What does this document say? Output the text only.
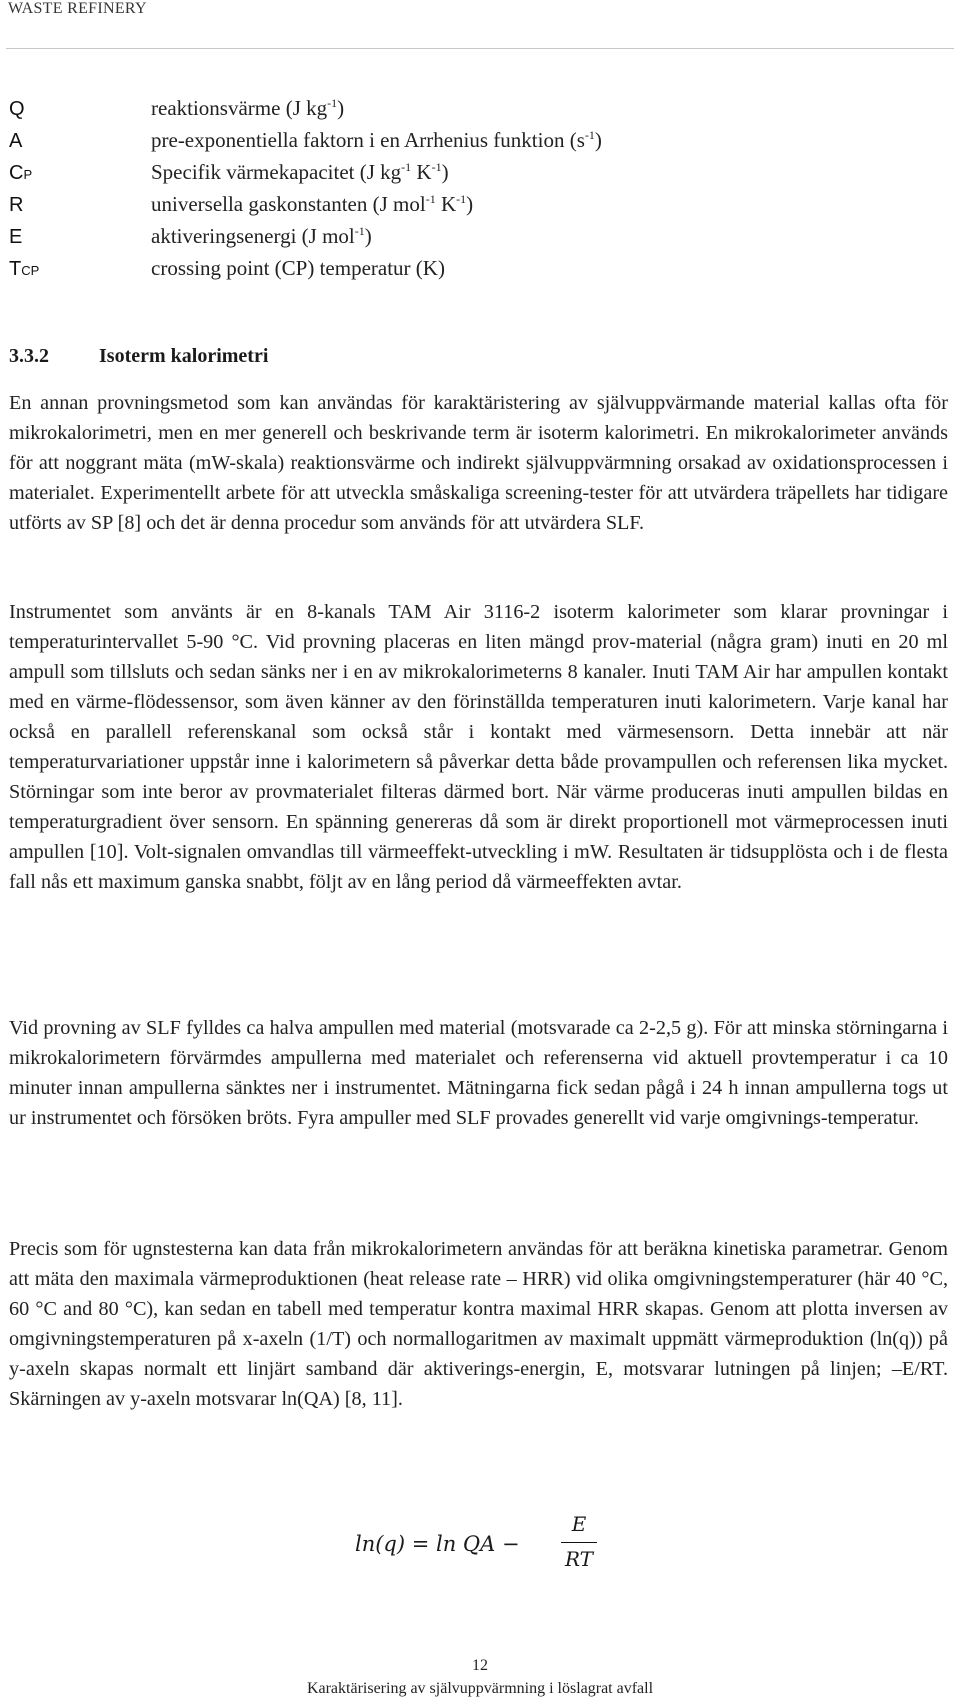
WASTE REFINERY
Q	reaktionsvärme (J $kg^{-1}$)
A	pre-exponentiella faktorn i en Arrhenius funktion $(s^{-1})$
CP	Specifik värmekapacitet (J $kg^{-1}$ $K^{-1}$)
R	universella gaskonstanten (J mol$^{-1}$ $K^{-1}$)
E	aktiveringsenergi (J mol$^{-1}$)
TCP	crossing point (CP) temperatur (K)
3.3.2	Isoterm kalorimetri

En annan provningsmetod som kan användas för karaktäristering av självuppvärmande material kallas ofta för mikrokalorimetri, men en mer generell och beskrivande term är isoterm kalorimetri. En mikrokalorimeter används för att noggrant mäta (mW-skala) reaktionsvärme och indirekt självuppvärmning orsakad av oxidationsprocessen i materialet. Experimentellt arbete för att utveckla småskaliga screening-tester för att utvärdera träpellets har tidigare utförts av SP [8] och det är denna procedur som används för att utvärdera SLF.

Instrumentet som använts är en 8-kanals TAM Air 3116-2 isoterm kalorimeter som klarar provningar i temperaturintervallet 5-90 °C. Vid provning placeras en liten mängd prov-material (några gram) inuti en 20 ml ampull som tillsluts och sedan sänks ner i en av mikrokalorimeterns 8 kanaler. Inuti TAM Air har ampullen kontakt med en värme-flödessensor, som även känner av den förinställda temperaturen inuti kalorimetern. Varje kanal har också en parallell referenskanal som också står i kontakt med värmesensorn. Detta innebär att när temperaturvariationer uppstår inne i kalorimetern så påverkar detta både provampullen och referensen lika mycket. Störningar som inte beror av provmaterialet filteras därmed bort. När värme produceras inuti ampullen bildas en temperaturgradient över sensorn. En spänning genereras då som är direkt proportionell mot värmeprocessen inuti ampullen [10]. Volt-signalen omvandlas till värmeeffekt-utveckling i mW. Resultaten är tidsupplösta och i de flesta fall nås ett maximum ganska snabbt, följt av en lång period då värmeeffekten avtar.

Vid provning av SLF fylldes ca halva ampullen med material (motsvarade ca 2-2,5 g). För att minska störningarna i mikrokalorimetern förvärmdes ampullerna med materialet och referenserna vid aktuell provtemperatur i ca 10 minuter innan ampullerna sänktes ner i instrumentet. Mätningarna fick sedan pågå i 24 h innan ampullerna togs ut ur instrumentet och försöken bröts. Fyra ampuller med SLF provades generellt vid varje omgivnings-temperatur.

Precis som för ugnstesterna kan data från mikrokalorimetern användas för att beräkna kinetiska parametrar. Genom att mäta den maximala värmeproduktionen (heat release rate – HRR) vid olika omgivningstemperaturer (här 40 °C, 60 °C and 80 °C), kan sedan en tabell med temperatur kontra maximal HRR skapas. Genom att plotta inversen av omgivningstemperaturen på x-axeln (1/T) och normallogaritmen av maximalt uppmätt värmeproduktion (ln(q)) på y-axeln skapas normalt ett linjärt samband där aktiverings-energin, E, motsvarar lutningen på linjen; –E/RT. Skärningen av y-axeln motsvarar ln(QA) [8, 11].

ln(q) = ln QA −
E
RT
12
Karaktärisering av självuppvärmning i löslagrat avfall
